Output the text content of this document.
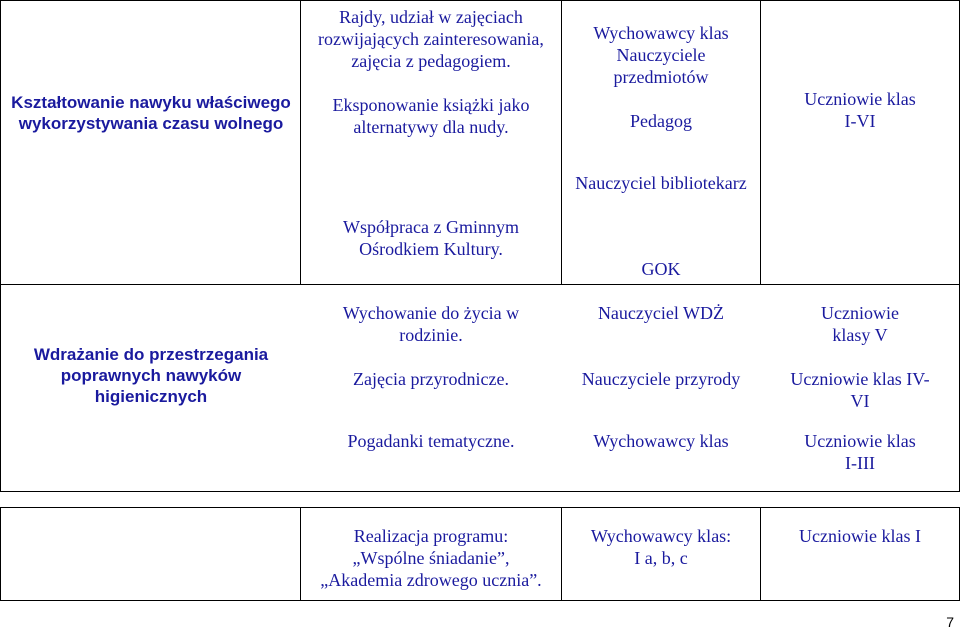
Kształtowanie nawyku właściwego wykorzystywania czasu wolnego
Rajdy, udział w zajęciach rozwijających zainteresowania, zajęcia z pedagogiem.
Eksponowanie książki jako alternatywy dla nudy.
Współpraca z Gminnym Ośrodkiem Kultury.
Wychowawcy klas
Nauczyciele
przedmiotów
Pedagog
Nauczyciel bibliotekarz
GOK
Uczniowie klas
I-VI
Wdrażanie do przestrzegania poprawnych nawyków higienicznych
Wychowanie do życia w rodzinie.
Zajęcia przyrodnicze.
Pogadanki tematyczne.
Nauczyciel WDŻ
Nauczyciele przyrody
Wychowawcy klas
Uczniowie
klasy V
Uczniowie klas IV-
VI
Uczniowie klas
I-III
Realizacja programu:
„Wspólne śniadanie”,
„Akademia zdrowego ucznia”.
Wychowawcy klas:
I a, b, c
Uczniowie klas I
7
